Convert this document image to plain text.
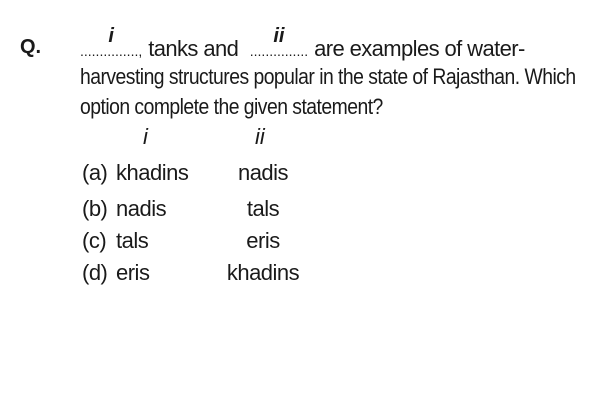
Q.	...............,
i tanks and ...............
ii are examples of water-
harvesting structures popular in the state of Rajasthan. Which
option complete the given statement?
i	ii
(a) khadins	nadis
(b) nadis	tals
(c) tals	eris
(d) eris	khadins
